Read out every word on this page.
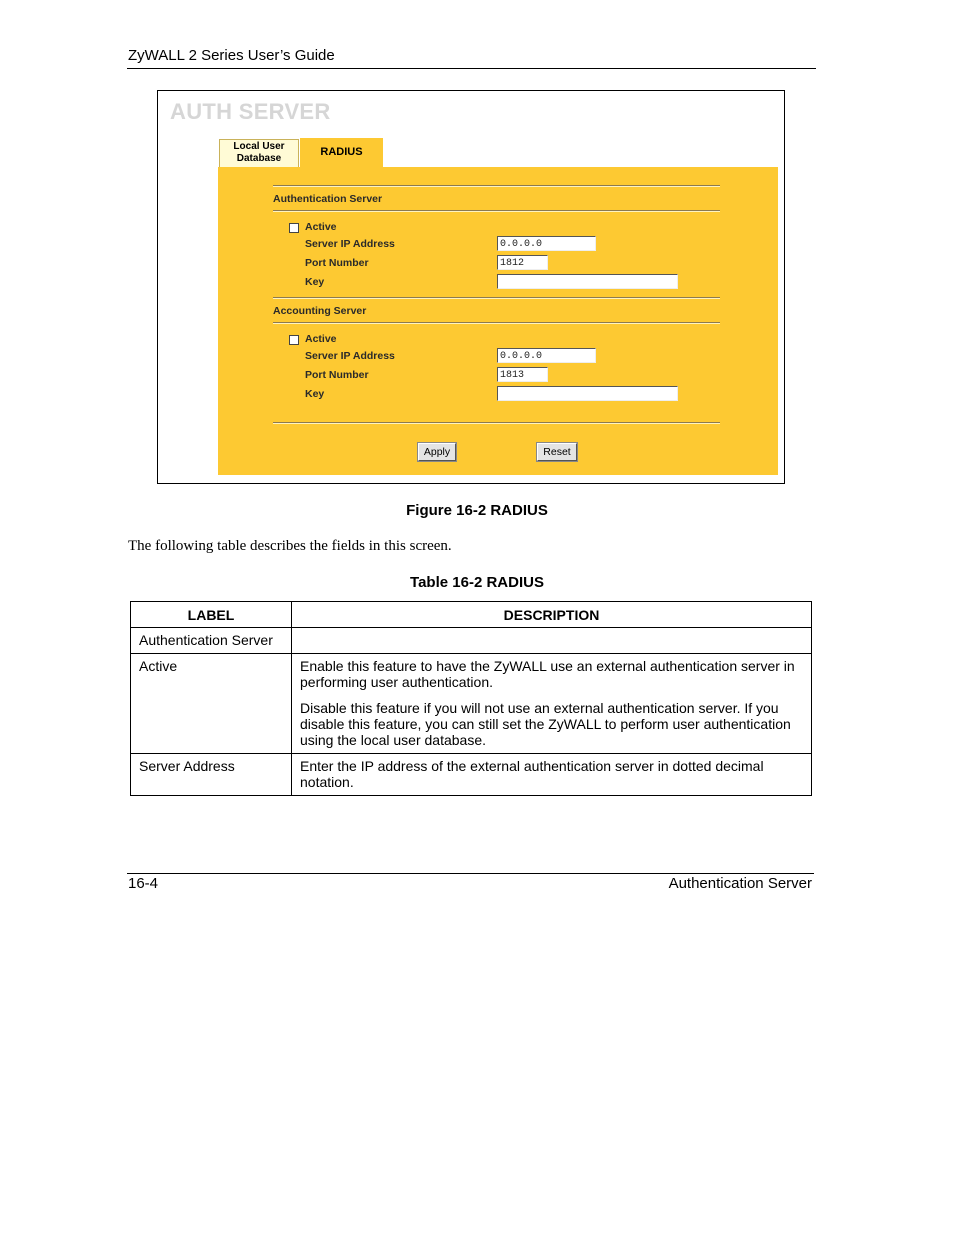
ZyWALL 2 Series User’s Guide
AUTH SERVER
Local User Database
RADIUS
Authentication Server
Active
Server IP Address	0.0.0.0
Port Number	1812
Key
Accounting Server
Active
Server IP Address	0.0.0.0
Port Number	1813
Key
Apply	Reset
Figure 16-2 RADIUS
The following table describes the fields in this screen.
Table 16-2 RADIUS
LABEL	DESCRIPTION
Authentication Server	
Active	Enable this feature to have the ZyWALL use an external authentication server in performing user authentication.

Disable this feature if you will not use an external authentication server. If you disable this feature, you can still set the ZyWALL to perform user authentication using the local user database.

Server Address	Enter the IP address of the external authentication server in dotted decimal notation.

16-4	Authentication Server
